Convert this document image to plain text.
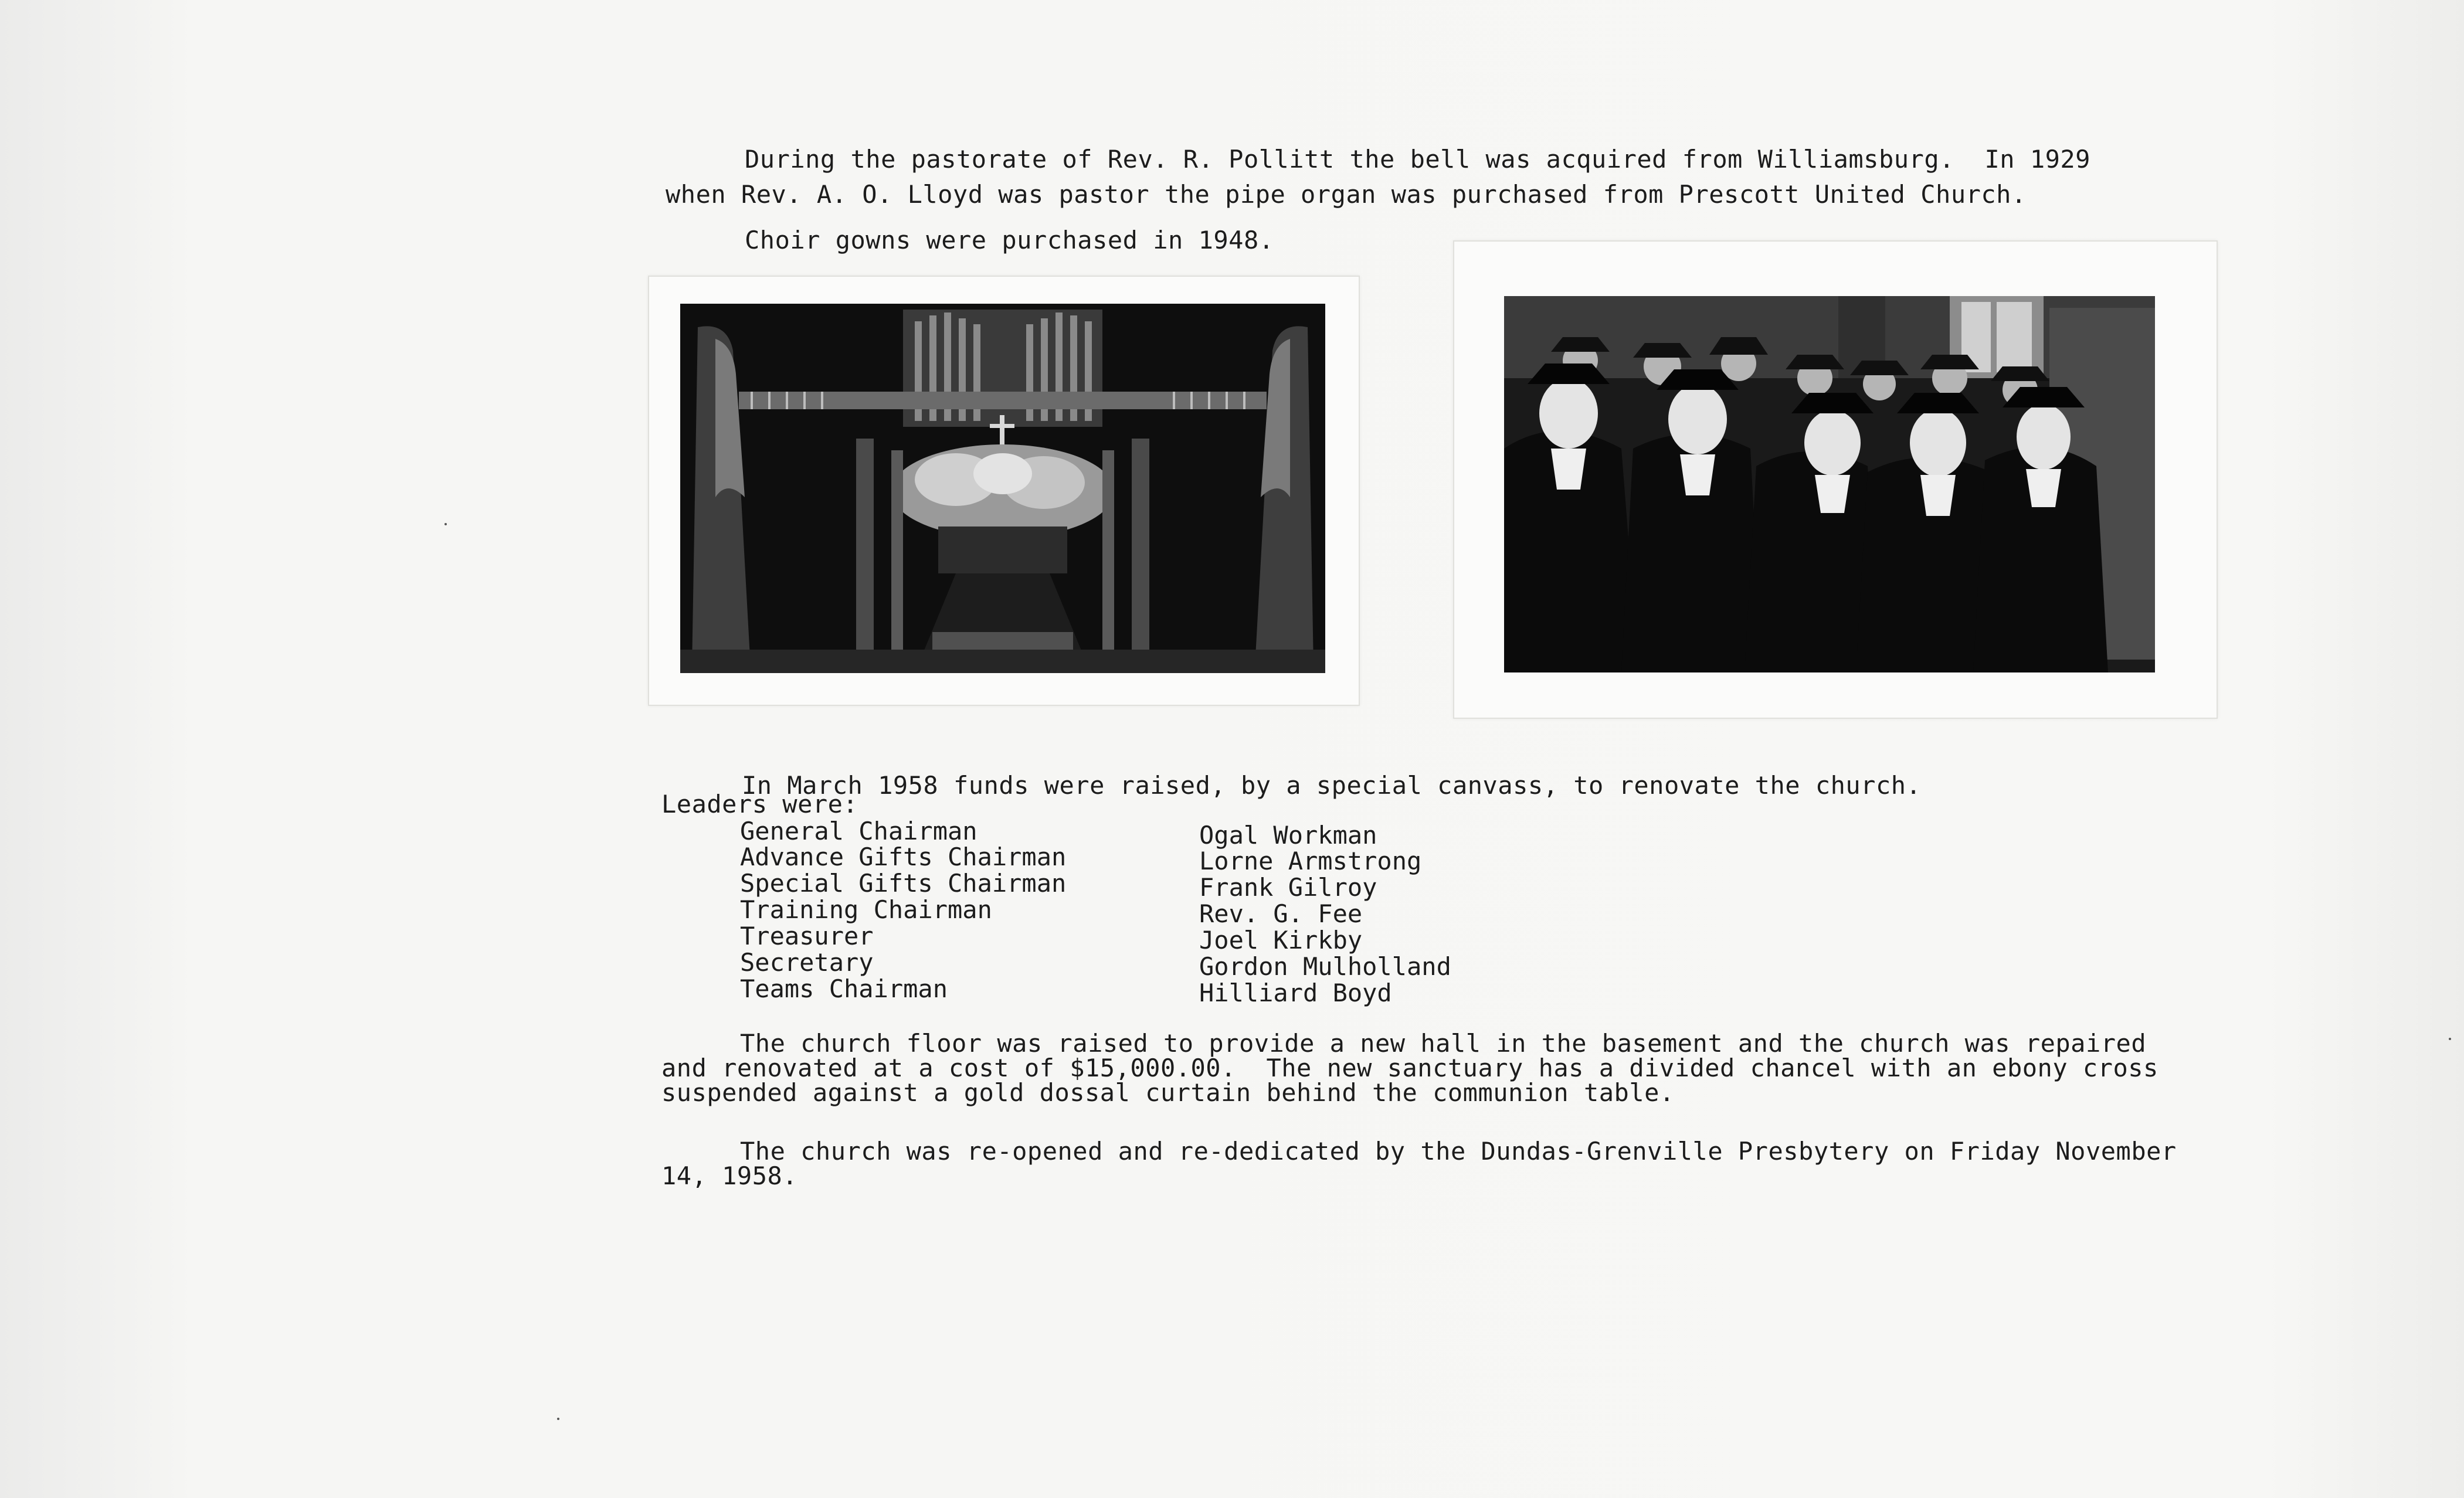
During the pastorate of Rev. R. Pollitt the bell was acquired from Williamsburg.  In 1929
when Rev. A. O. Lloyd was pastor the pipe organ was purchased from Prescott United Church.
Choir gowns were purchased in 1948.
In March 1958 funds were raised, by a special canvass, to renovate the church.
Leaders were:
General Chairman	Ogal Workman
Advance Gifts Chairman	Lorne Armstrong
Special Gifts Chairman	Frank Gilroy
Training Chairman	Rev. G. Fee
Treasurer	Joel Kirkby
Secretary	Gordon Mulholland
Teams Chairman	Hilliard Boyd
The church floor was raised to provide a new hall in the basement and the church was repaired
and renovated at a cost of $15,000.00.  The new sanctuary has a divided chancel with an ebony cross
suspended against a gold dossal curtain behind the communion table.
The church was re-opened and re-dedicated by the Dundas-Grenville Presbytery on Friday November
14, 1958.
